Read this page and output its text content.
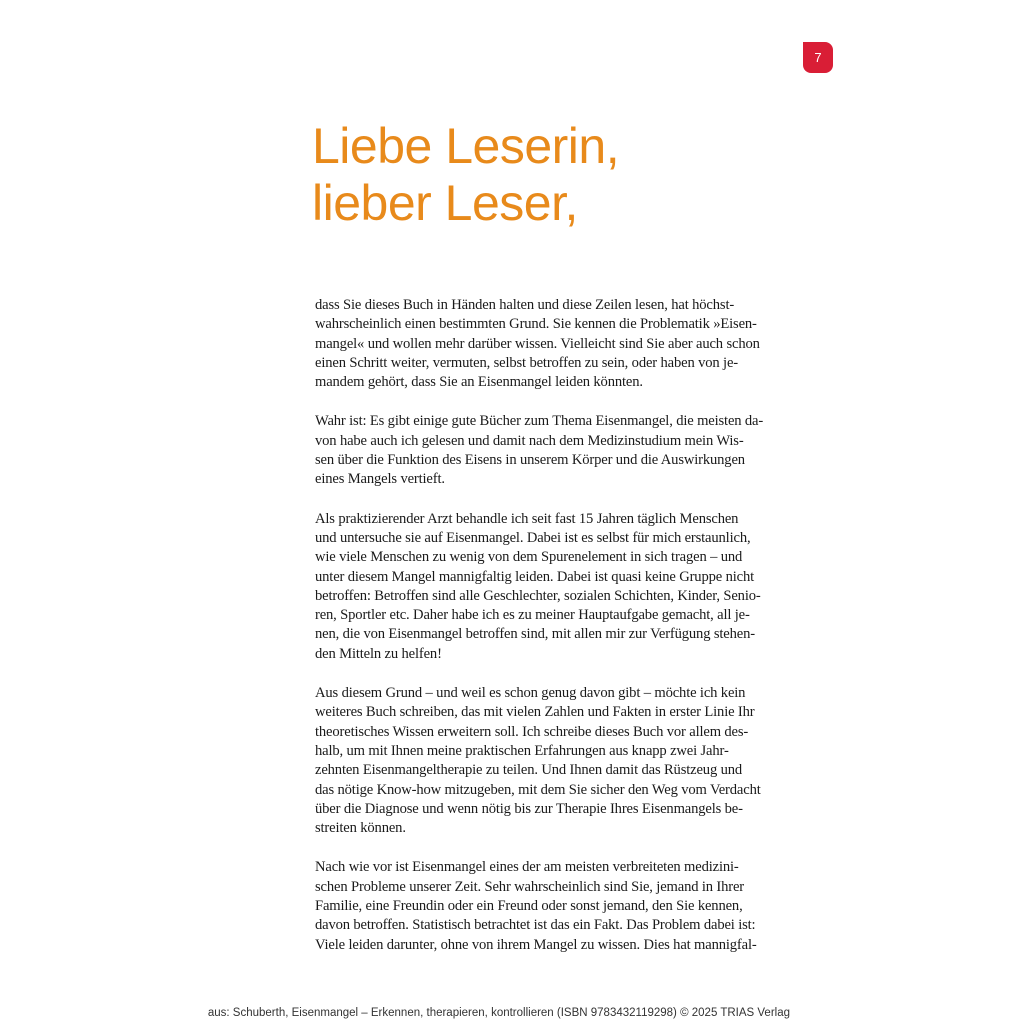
7
Liebe Leserin,
lieber Leser,

dass Sie dieses Buch in Händen halten und diese Zeilen lesen, hat höchst-
wahrscheinlich einen bestimmten Grund. Sie kennen die Problematik »Eisen-
mangel« und wollen mehr darüber wissen. Vielleicht sind Sie aber auch schon
einen Schritt weiter, vermuten, selbst betroffen zu sein, oder haben von je-
mandem gehört, dass Sie an Eisenmangel leiden könnten.

Wahr ist: Es gibt einige gute Bücher zum Thema Eisenmangel, die meisten da-
von habe auch ich gelesen und damit nach dem Medizinstudium mein Wis-
sen über die Funktion des Eisens in unserem Körper und die Auswirkungen
eines Mangels vertieft.

Als praktizierender Arzt behandle ich seit fast 15 Jahren täglich Menschen
und untersuche sie auf Eisenmangel. Dabei ist es selbst für mich erstaunlich,
wie viele Menschen zu wenig von dem Spurenelement in sich tragen – und
unter diesem Mangel mannigfaltig leiden. Dabei ist quasi keine Gruppe nicht
betroffen: Betroffen sind alle Geschlechter, sozialen Schichten, Kinder, Senio-
ren, Sportler etc. Daher habe ich es zu meiner Hauptaufgabe gemacht, all je-
nen, die von Eisenmangel betroffen sind, mit allen mir zur Verfügung stehen-
den Mitteln zu helfen!

Aus diesem Grund – und weil es schon genug davon gibt – möchte ich kein
weiteres Buch schreiben, das mit vielen Zahlen und Fakten in erster Linie Ihr
theoretisches Wissen erweitern soll. Ich schreibe dieses Buch vor allem des-
halb, um mit Ihnen meine praktischen Erfahrungen aus knapp zwei Jahr-
zehnten Eisenmangeltherapie zu teilen. Und Ihnen damit das Rüstzeug und
das nötige Know-how mitzugeben, mit dem Sie sicher den Weg vom Verdacht
über die Diagnose und wenn nötig bis zur Therapie Ihres Eisenmangels be-
streiten können.

Nach wie vor ist Eisenmangel eines der am meisten verbreiteten medizini-
schen Probleme unserer Zeit. Sehr wahrscheinlich sind Sie, jemand in Ihrer
Familie, eine Freundin oder ein Freund oder sonst jemand, den Sie kennen,
davon betroffen. Statistisch betrachtet ist das ein Fakt. Das Problem dabei ist:
Viele leiden darunter, ohne von ihrem Mangel zu wissen. Dies hat mannigfal-

aus: Schuberth, Eisenmangel – Erkennen, therapieren, kontrollieren (ISBN 9783432119298) © 2025 TRIAS Verlag
